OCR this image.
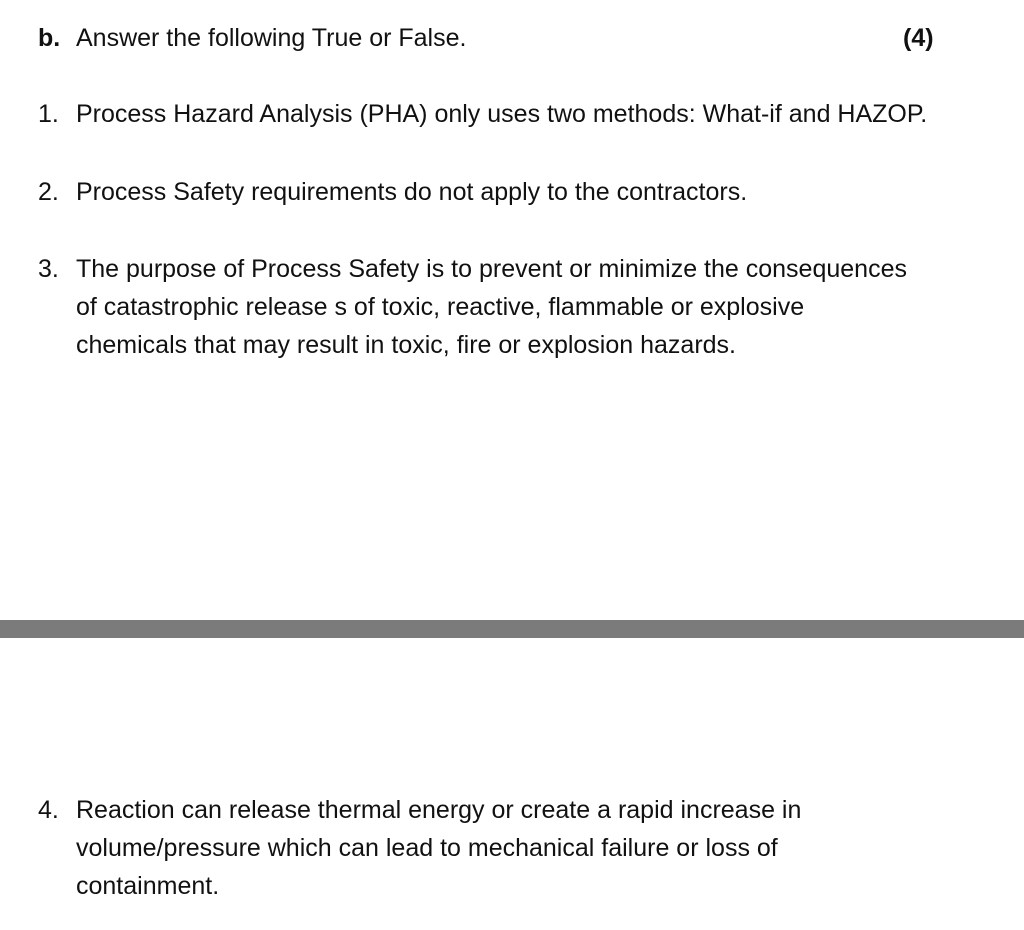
b. Answer the following True or False.	(4)
1. Process Hazard Analysis (PHA) only uses two methods: What-if and HAZOP.
2. Process Safety requirements do not apply to the contractors.
3. The purpose of Process Safety is to prevent or minimize the consequences
of catastrophic release s of toxic, reactive, flammable or explosive
chemicals that may result in toxic, fire or explosion hazards.
4. Reaction can release thermal energy or create a rapid increase in
volume/pressure which can lead to mechanical failure or loss of
containment.
